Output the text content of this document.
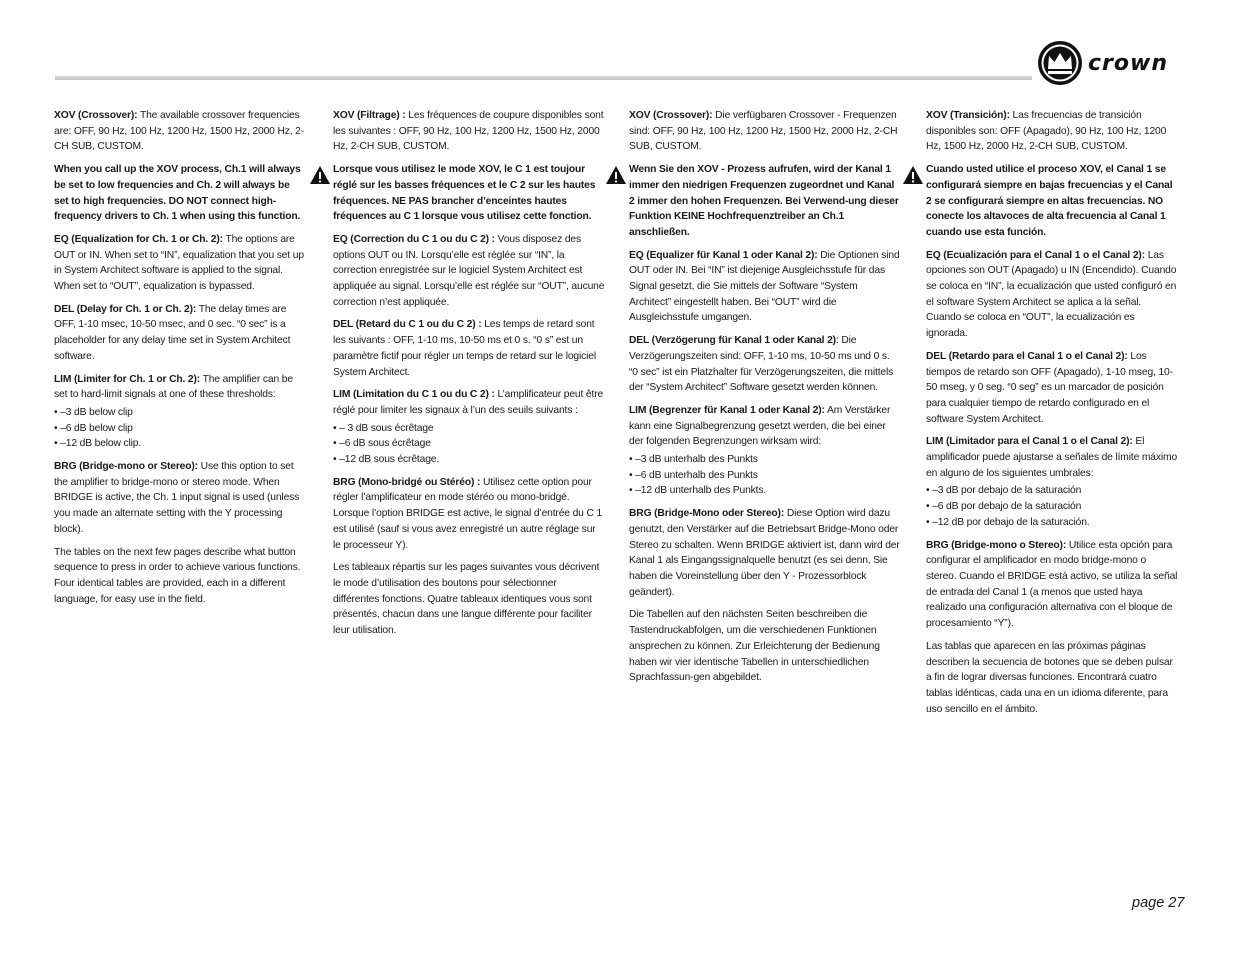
crown

XOV (Crossover): The available crossover frequencies are: OFF, 90 Hz, 100 Hz, 1200 Hz, 1500 Hz, 2000 Hz, 2-CH SUB, CUSTOM.

When you call up the XOV process, Ch.1 will always be set to low frequencies and Ch. 2 will always be set to high frequencies. DO NOT connect high-frequency drivers to Ch. 1 when using this function.

EQ (Equalization for Ch. 1 or Ch. 2): The options are OUT or IN. When set to “IN”, equalization that you set up in System Architect software is applied to the signal. When set to “OUT”, equalization is bypassed.

DEL (Delay for Ch. 1 or Ch. 2): The delay times are OFF, 1-10 msec, 10-50 msec, and 0 sec. “0 sec” is a placeholder for any delay time set in System Architect software.

LIM (Limiter for Ch. 1 or Ch. 2): The amplifier can be set to hard-limit signals at one of these thresholds:

• –3 dB below clip
• –6 dB below clip
• –12 dB below clip.

BRG (Bridge-mono or Stereo): Use this option to set the amplifier to bridge-mono or stereo mode. When BRIDGE is active, the Ch. 1 input signal is used (unless you made an alternate setting with the Y processing block).

The tables on the next few pages describe what button sequence to press in order to achieve various functions. Four identical tables are provided, each in a different language, for easy use in the field.

XOV (Filtrage) : Les fréquences de coupure disponibles sont les suivantes : OFF, 90 Hz, 100 Hz, 1200 Hz, 1500 Hz, 2000 Hz, 2-CH SUB, CUSTOM.

Lorsque vous utilisez le mode XOV, le C 1 est toujour réglé sur les basses fréquences et le C 2 sur les hautes fréquences. NE PAS brancher d’enceintes hautes fréquences au C 1 lorsque vous utilisez cette fonction.

EQ (Correction du C 1 ou du C 2) : Vous disposez des options OUT ou IN. Lorsqu’elle est réglée sur “IN”, la correction enregistrée sur le logiciel System Architect est appliquée au signal. Lorsqu’elle est réglée sur “OUT”, aucune correction n’est appliquée.

DEL (Retard du C 1 ou du C 2) : Les temps de retard sont les suivants : OFF, 1-10 ms, 10-50 ms et 0 s. “0 s” est un paramètre fictif pour régler un temps de retard sur le logiciel System Architect.

LIM (Limitation du C 1 ou du C 2) : L’amplificateur peut être réglé pour limiter les signaux à l’un des seuils suivants :

• – 3 dB sous écrêtage
• –6 dB sous écrêtage
• –12 dB sous écrêtage.

BRG (Mono-bridgé ou Stéréo) : Utilisez cette option pour régler l’amplificateur en mode stéréo ou mono-bridgé. Lorsque l’option BRIDGE est active, le signal d’entrée du C 1 est utilisé (sauf si vous avez enregistré un autre réglage sur le processeur Y).

Les tableaux répartis sur les pages suivantes vous décrivent le mode d’utilisation des boutons pour sélectionner différentes fonctions. Quatre tableaux identiques vous sont présentés, chacun dans une langue différente pour faciliter leur utilisation.

XOV (Crossover): Die verfügbaren Crossover - Frequenzen sind: OFF, 90 Hz, 100 Hz, 1200 Hz, 1500 Hz, 2000 Hz, 2-CH SUB, CUSTOM.

Wenn Sie den XOV - Prozess aufrufen, wird der Kanal 1 immer den niedrigen Frequenzen zugeordnet und Kanal 2 immer den hohen Frequenzen. Bei Verwend-ung dieser Funktion KEINE Hochfrequenztreiber an Ch.1 anschließen.

EQ (Equalizer für Kanal 1 oder Kanal 2): Die Optionen sind OUT oder IN. Bei “IN” ist diejenige Ausgleichsstufe für das Signal gesetzt, die Sie mittels der Software “System Architect” eingestellt haben. Bei “OUT” wird die Ausgleichsstufe umgangen.

DEL (Verzögerung für Kanal 1 oder Kanal 2): Die Verzögerungszeiten sind: OFF, 1-10 ms, 10-50 ms und 0 s. “0 sec” ist ein Platzhalter für Verzögerungszeiten, die mittels der “System Architect” Software gesetzt werden können.

LIM (Begrenzer für Kanal 1 oder Kanal 2): Am Verstärker kann eine Signalbegrenzung gesetzt werden, die bei einer der folgenden Begrenzungen wirksam wird:

• –3 dB unterhalb des Punkts
• –6 dB unterhalb des Punkts
• –12 dB unterhalb des Punkts.

BRG (Bridge-Mono oder Stereo): Diese Option wird dazu genutzt, den Verstärker auf die Betriebsart Bridge-Mono oder Stereo zu schalten. Wenn BRIDGE aktiviert ist, dann wird der Kanal 1 als Eingangssignalquelle benutzt (es sei denn, Sie haben die Voreinstellung über den Y - Prozessorblock geändert).

Die Tabellen auf den nächsten Seiten beschreiben die Tastendruckabfolgen, um die verschiedenen Funktionen ansprechen zu können. Zur Erleichterung der Bedienung haben wir vier identische Tabellen in unterschiedlichen Sprachfassun-gen abgebildet.

XOV (Transición): Las frecuencias de transición disponibles son: OFF (Apagado), 90 Hz, 100 Hz, 1200 Hz, 1500 Hz, 2000 Hz, 2-CH SUB, CUSTOM.

Cuando usted utilice el proceso XOV, el Canal 1 se configurará siempre en bajas frecuencias y el Canal 2 se configurará siempre en altas frecuencias. NO conecte los altavoces de alta frecuencia al Canal 1 cuando use esta función.

EQ (Ecualización para el Canal 1 o el Canal 2): Las opciones son OUT (Apagado) u IN (Encendido). Cuando se coloca en “IN”, la ecualización que usted configuró en el software System Architect se aplica a la señal. Cuando se coloca en “OUT”, la ecualización es ignorada.

DEL (Retardo para el Canal 1 o el Canal 2): Los tiempos de retardo son OFF (Apagado), 1-10 mseg, 10-50 mseg, y 0 seg. “0 seg” es un marcador de posición para cualquier tiempo de retardo configurado en el software System Architect.

LIM (Limitador para el Canal 1 o el Canal 2): El amplificador puede ajustarse a señales de límite máximo en alguno de los siguientes umbrales:

• –3 dB por debajo de la saturación
• –6 dB por debajo de la saturación
• –12 dB por debajo de la saturación.

BRG (Bridge-mono o Stereo): Utilice esta opción para configurar el amplificador en modo bridge-mono o stereo. Cuando el BRIDGE está activo, se utiliza la señal de entrada del Canal 1 (a menos que usted haya realizado una configuración alternativa con el bloque de procesamiento “Y”).

Las tablas que aparecen en las próximas páginas describen la secuencia de botones que se deben pulsar a fin de lograr diversas funciones. Encontrará cuatro tablas idénticas, cada una en un idioma diferente, para uso sencillo en el ámbito.

page 27
